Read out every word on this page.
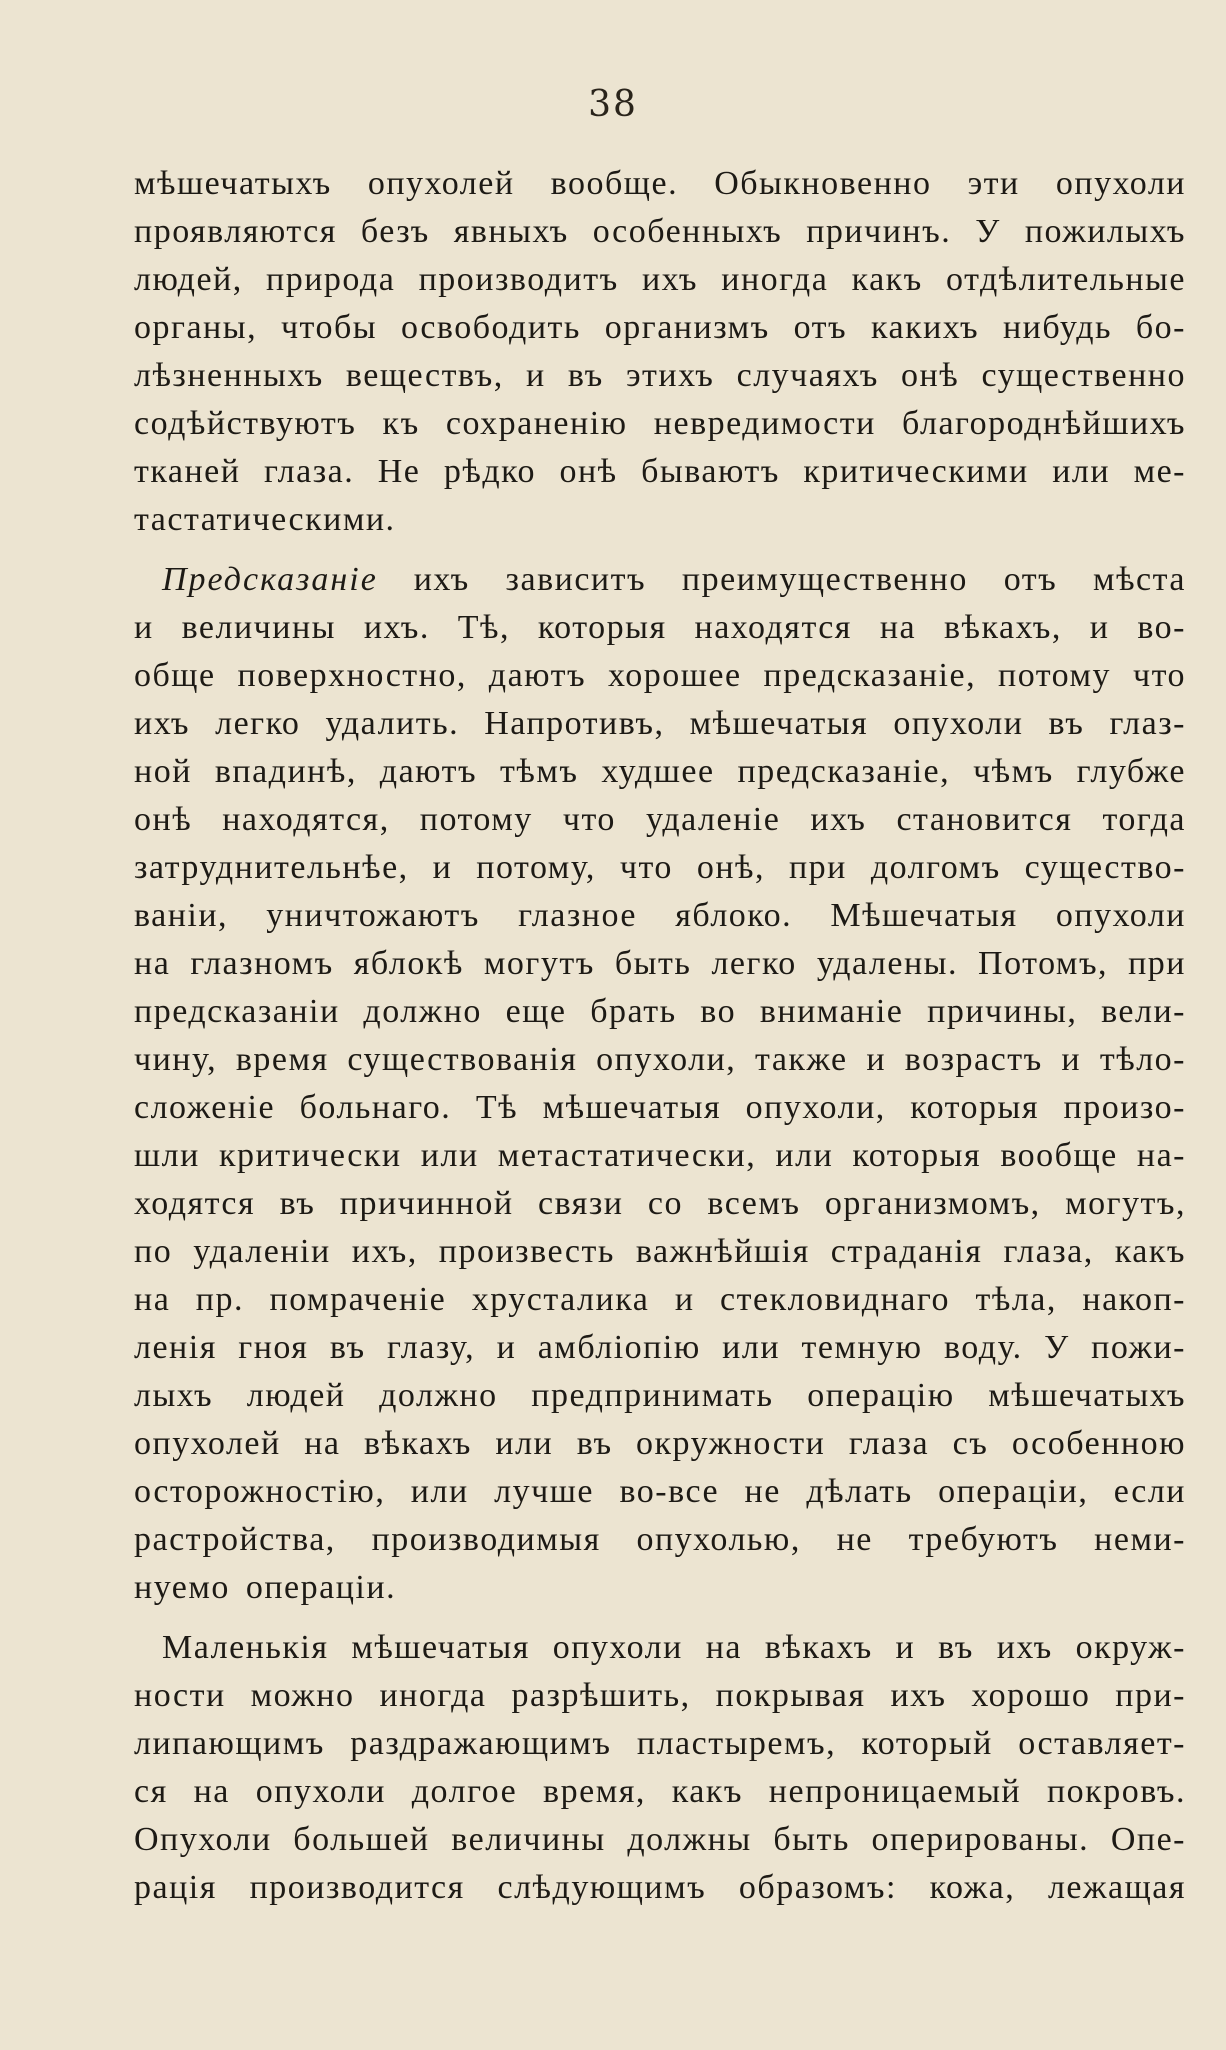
38
мѣшечатыхъ опухолей вообще. Обыкновенно эти опухоли
проявляются безъ явныхъ особенныхъ причинъ. У пожилыхъ
людей, природа производитъ ихъ иногда какъ отдѣлительные
органы, чтобы освободить организмъ отъ какихъ нибудь бо-
лѣзненныхъ веществъ, и въ этихъ случаяхъ онѣ существенно
содѣйствуютъ къ сохраненію невредимости благороднѣйшихъ
тканей глаза. Не рѣдко онѣ бываютъ критическими или ме-
тастатическими.
Предсказаніе ихъ зависитъ преимущественно отъ мѣста
и величины ихъ. Тѣ, которыя находятся на вѣкахъ, и во-
обще поверхностно, даютъ хорошее предсказаніе, потому что
ихъ легко удалить. Напротивъ, мѣшечатыя опухоли въ глаз-
ной впадинѣ, даютъ тѣмъ худшее предсказаніе, чѣмъ глубже
онѣ находятся, потому что удаленіе ихъ становится тогда
затруднительнѣе, и потому, что онѣ, при долгомъ существо-
ваніи, уничтожаютъ глазное яблоко. Мѣшечатыя опухоли
на глазномъ яблокѣ могутъ быть легко удалены. Потомъ, при
предсказаніи должно еще брать во вниманіе причины, вели-
чину, время существованія опухоли, также и возрастъ и тѣло-
сложеніе больнаго. Тѣ мѣшечатыя опухоли, которыя произо-
шли критически или метастатически, или которыя вообще на-
ходятся въ причинной связи со всемъ организмомъ, могутъ,
по удаленіи ихъ, произвесть важнѣйшія страданія глаза, какъ
на пр. помраченіе хрусталика и стекловиднаго тѣла, накоп-
ленія гноя въ глазу, и амбліопію или темную воду. У пожи-
лыхъ людей должно предпринимать операцію мѣшечатыхъ
опухолей на вѣкахъ или въ окружности глаза съ особенною
осторожностію, или лучше во-все не дѣлать операціи, если
растройства, производимыя опухолью, не требуютъ неми-
нуемо операціи.
Маленькія мѣшечатыя опухоли на вѣкахъ и въ ихъ окруж-
ности можно иногда разрѣшить, покрывая ихъ хорошо при-
липающимъ раздражающимъ пластыремъ, который оставляет-
ся на опухоли долгое время, какъ непроницаемый покровъ.
Опухоли большей величины должны быть оперированы. Опе-
рація производится слѣдующимъ образомъ: кожа, лежащая
